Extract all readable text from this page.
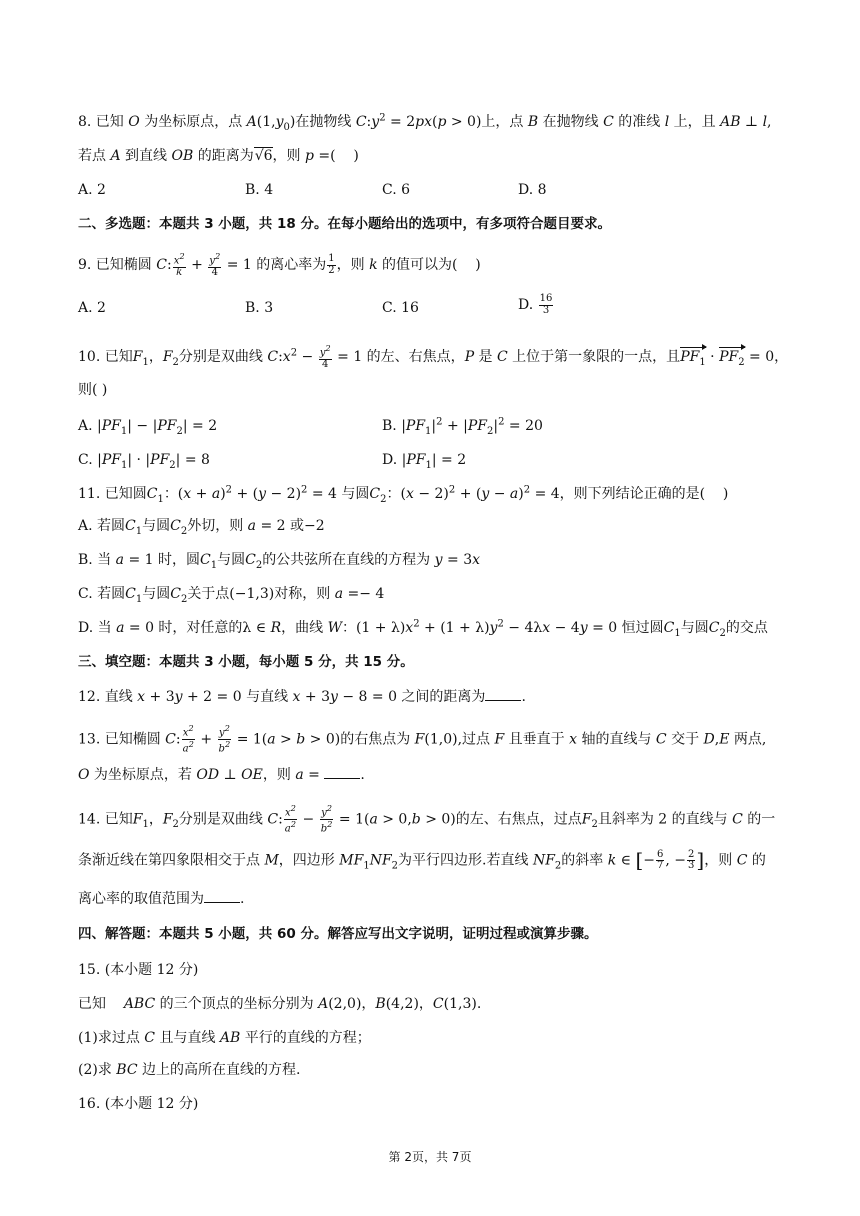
8. 已知 O 为坐标原点，点 $A(1,y_0)$在抛物线 $C:y^2 = 2px(p > 0)$上，点 B 在抛物线 C 的准线 l 上，且 AB ⊥ l,
若点 A 到直线 OB 的距离为√6，则 p =(    )
A. 2	B. 4	C. 6	D. 8
二、多选题：本题共 3 小题，共 18 分。在每小题给出的选项中，有多项符合题目要求。
9. 已知椭圆 C: $\frac{x^2}{k} + \frac{y^2}{4} = 1$ 的离心率为 $\frac{1}{2}$ ，则 k 的值可以为(    )
A. 2	B. 3	C. 16	D. $\frac{16}{3}$
10. 已知$F_1$，$F_2$分别是双曲线 $C:x^2 - \frac{y^2}{4} = 1$ 的左、右焦点，P 是 C 上位于第一象限的一点，且$PF_1 \cdot PF_2 = 0$，
则( )
A. $|PF_1| - |PF_2| = 2$	B. $|PF_1|^2 + |PF_2|^2 = 20$
C. $|PF_1| \cdot |PF_2| = 8$	D. $|PF_1| = 2$
11. 已知圆$C_1$：$(x + a)^2 + (y - 2)^2 = 4$ 与圆$C_2$：$(x - 2)^2 + (y - a)^2 = 4$，则下列结论正确的是(    )
A. 若圆$C_1$与圆$C_2$外切，则 a = 2 或−2
B. 当 a = 1 时，圆$C_1$与圆$C_2$的公共弦所在直线的方程为 y = 3x
C. 若圆$C_1$与圆$C_2$关于点(−1,3)对称，则 a =− 4
D. 当 a = 0 时，对任意的λ ∈ R，曲线 W：$(1 + \lambda)x^2 + (1 + \lambda)y^2 - 4\lambda x - 4y = 0$ 恒过圆$C_1$与圆$C_2$的交点
三、填空题：本题共 3 小题，每小题 5 分，共 15 分。
12. 直线 x + 3y + 2 = 0 与直线 x + 3y − 8 = 0 之间的距离为	.
13. 已知椭圆 C: $\frac{x^2}{a^2} + \frac{y^2}{b^2} = 1(a > b > 0)$的右焦点为 F(1,0),过点 F 且垂直于 x 轴的直线与 C 交于 D,E 两点,
O 为坐标原点，若 OD ⊥ OE，则 a =	.
14. 已知$F_1$，$F_2$分别是双曲线 C: $\frac{x^2}{a^2} - \frac{y^2}{b^2} = 1(a > 0,b > 0)$的左、右焦点，过点$F_2$且斜率为 2 的直线与 C 的一
条渐近线在第四象限相交于点 M，四边形 $MF_1NF_2$为平行四边形.若直线 $NF_2$的斜率 k ∈ [− $\frac{6}{7}$ , − $\frac{2}{3}$ ]，则 C 的
离心率的取值范围为	.
四、解答题：本题共 5 小题，共 60 分。解答应写出文字说明，证明过程或演算步骤。
15. (本小题 12 分)
已知    ABC 的三个顶点的坐标分别为 A(2,0)，B(4,2)，C(1,3).
(1)求过点 C 且与直线 AB 平行的直线的方程；
(2)求 BC 边上的高所在直线的方程.
16. (本小题 12 分)
第 2页，共 7页
